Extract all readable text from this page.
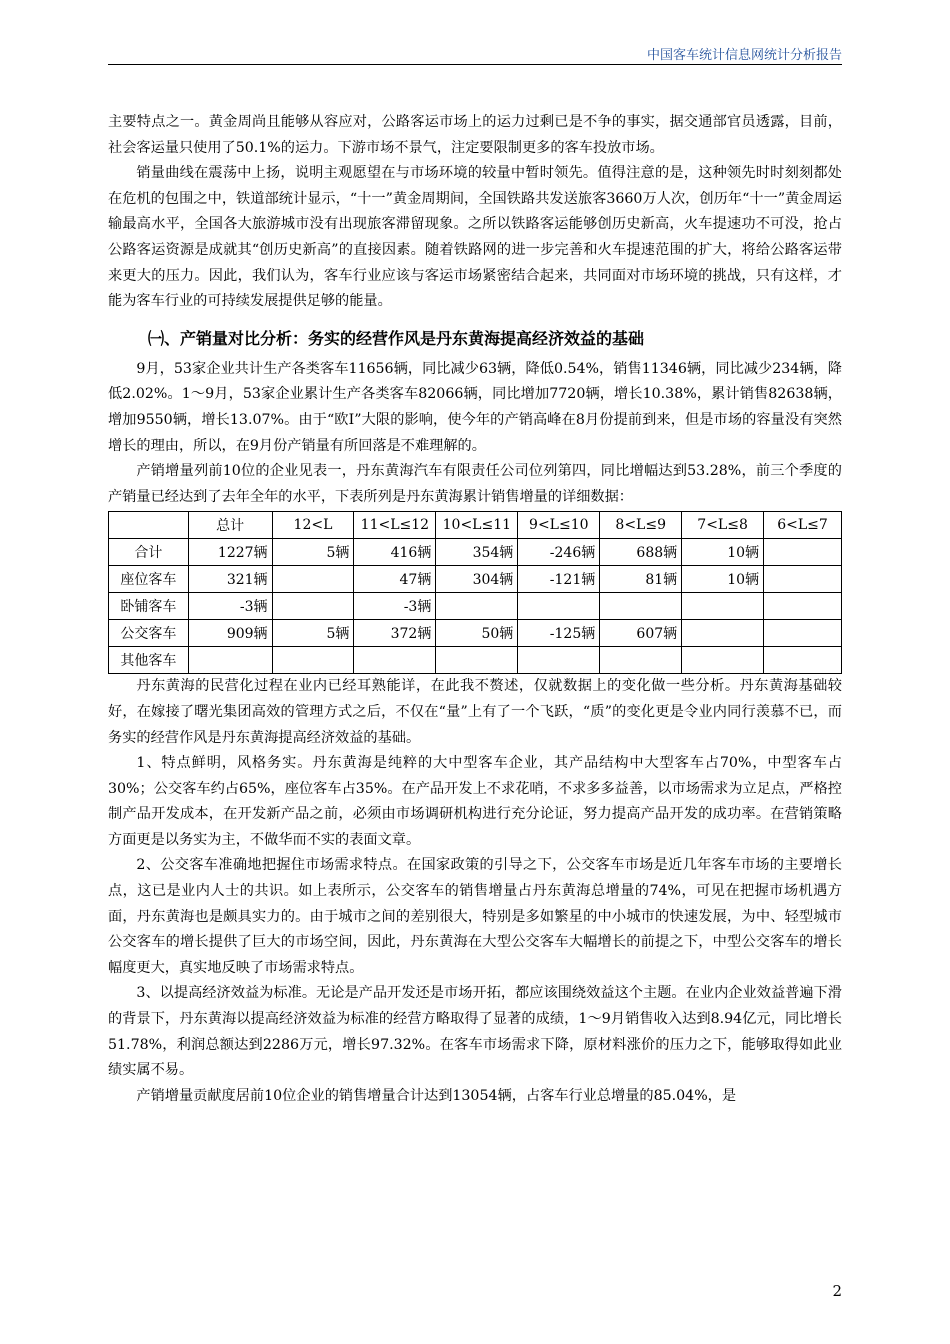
中国客车统计信息网统计分析报告

主要特点之一。黄金周尚且能够从容应对，公路客运市场上的运力过剩已是不争的事实，据交通部官员透露，目前，社会客运量只使用了50.1%的运力。下游市场不景气，注定要限制更多的客车投放市场。

销量曲线在震荡中上扬，说明主观愿望在与市场环境的较量中暂时领先。值得注意的是，这种领先时时刻刻都处在危机的包围之中，铁道部统计显示，“十一”黄金周期间，全国铁路共发送旅客3660万人次，创历年“十一”黄金周运输最高水平，全国各大旅游城市没有出现旅客滞留现象。之所以铁路客运能够创历史新高，火车提速功不可没，抢占公路客运资源是成就其“创历史新高”的直接因素。随着铁路网的进一步完善和火车提速范围的扩大，将给公路客运带来更大的压力。因此，我们认为，客车行业应该与客运市场紧密结合起来，共同面对市场环境的挑战，只有这样，才能为客车行业的可持续发展提供足够的能量。

㈠、产销量对比分析：务实的经营作风是丹东黄海提高经济效益的基础

9月，53家企业共计生产各类客车11656辆，同比减少63辆，降低0.54%，销售11346辆，同比减少234辆，降低2.02%。1～9月，53家企业累计生产各类客车82066辆，同比增加7720辆，增长10.38%，累计销售82638辆，增加9550辆，增长13.07%。由于“欧Ⅰ”大限的影响，使今年的产销高峰在8月份提前到来，但是市场的容量没有突然增长的理由，所以，在9月份产销量有所回落是不难理解的。

产销增量列前10位的企业见表一，丹东黄海汽车有限责任公司位列第四，同比增幅达到53.28%，前三个季度的产销量已经达到了去年全年的水平，下表所列是丹东黄海累计销售增量的详细数据：

	总计	12<L	11<L≤12	10<L≤11	9<L≤10	8<L≤9	7<L≤8	6<L≤7
合计	1227辆	5辆	416辆	354辆	-246辆	688辆	10辆	
座位客车	321辆		47辆	304辆	-121辆	81辆	10辆	
卧铺客车	-3辆		-3辆					
公交客车	909辆	5辆	372辆	50辆	-125辆	607辆		
其他客车								

丹东黄海的民营化过程在业内已经耳熟能详，在此我不赘述，仅就数据上的变化做一些分析。丹东黄海基础较好，在嫁接了曙光集团高效的管理方式之后，不仅在“量”上有了一个飞跃，“质”的变化更是令业内同行羡慕不已，而务实的经营作风是丹东黄海提高经济效益的基础。

1、特点鲜明，风格务实。丹东黄海是纯粹的大中型客车企业，其产品结构中大型客车占70%，中型客车占30%；公交客车约占65%，座位客车占35%。在产品开发上不求花哨，不求多多益善，以市场需求为立足点，严格控制产品开发成本，在开发新产品之前，必须由市场调研机构进行充分论证，努力提高产品开发的成功率。在营销策略方面更是以务实为主，不做华而不实的表面文章。

2、公交客车准确地把握住市场需求特点。在国家政策的引导之下，公交客车市场是近几年客车市场的主要增长点，这已是业内人士的共识。如上表所示，公交客车的销售增量占丹东黄海总增量的74%，可见在把握市场机遇方面，丹东黄海也是颇具实力的。由于城市之间的差别很大，特别是多如繁星的中小城市的快速发展，为中、轻型城市公交客车的增长提供了巨大的市场空间，因此，丹东黄海在大型公交客车大幅增长的前提之下，中型公交客车的增长幅度更大，真实地反映了市场需求特点。

3、以提高经济效益为标准。无论是产品开发还是市场开拓，都应该围绕效益这个主题。在业内企业效益普遍下滑的背景下，丹东黄海以提高经济效益为标准的经营方略取得了显著的成绩，1～9月销售收入达到8.94亿元，同比增长51.78%，利润总额达到2286万元，增长97.32%。在客车市场需求下降，原材料涨价的压力之下，能够取得如此业绩实属不易。

产销增量贡献度居前10位企业的销售增量合计达到13054辆，占客车行业总增量的85.04%，是

2
